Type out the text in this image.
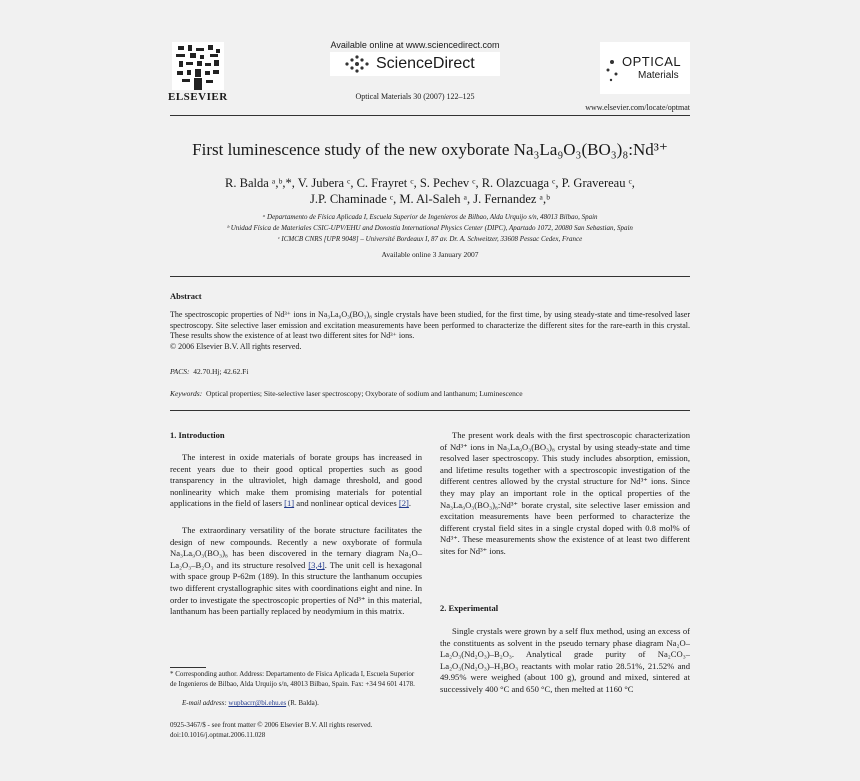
ELSEVIER
Available online at www.sciencedirect.com
ScienceDirect
Optical Materials 30 (2007) 122–125
OPTICAL
Materials
www.elsevier.com/locate/optmat
First luminescence study of the new oxyborate Na₃La₉O₃(BO₃)₈:Nd³⁺
R. Balda ᵃ,ᵇ,*, V. Jubera ᶜ, C. Frayret ᶜ, S. Pechev ᶜ, R. Olazcuaga ᶜ, P. Gravereau ᶜ,
J.P. Chaminade ᶜ, M. Al-Saleh ᵃ, J. Fernandez ᵃ,ᵇ
ᵃ Departamento de Física Aplicada I, Escuela Superior de Ingenieros de Bilbao, Alda Urquijo s/n, 48013 Bilbao, Spain
ᵇ Unidad Física de Materiales CSIC-UPV/EHU and Donostia International Physics Center (DIPC), Apartado 1072, 20080 San Sebastian, Spain
ᶜ ICMCB CNRS [UPR 9048] – Université Bordeaux I, 87 av. Dr. A. Schweitzer, 33608 Pessac Cedex, France
Available online 3 January 2007
Abstract
The spectroscopic properties of Nd³⁺ ions in Na₃La₉O₃(BO₃)₈ single crystals have been studied, for the first time, by using steady-state and time-resolved laser spectroscopy. Site selective laser emission and excitation measurements have been performed to characterize the different sites for the rare-earth in this crystal. These results show the existence of at least two different sites for Nd³⁺ ions.
© 2006 Elsevier B.V. All rights reserved.
PACS: 42.70.Hj; 42.62.Fi
Keywords: Optical properties; Site-selective laser spectroscopy; Oxyborate of sodium and lanthanum; Luminescence
1. Introduction
The interest in oxide materials of borate groups has increased in recent years due to their good optical properties such as good transparency in the ultraviolet, high damage threshold, and good nonlinearity which make them promising materials for potential applications in the field of lasers [1] and nonlinear optical devices [2].
The extraordinary versatility of the borate structure facilitates the design of new compounds. Recently a new oxyborate of formula Na₃La₉O₃(BO₃)₈ has been discovered in the ternary diagram Na₂O–La₂O₃–B₂O₃ and its structure resolved [3,4]. The unit cell is hexagonal with space group P-62m (189). In this structure the lanthanum occupies two different crystallographic sites with coordinations eight and nine. In order to investigate the spectroscopic properties of Nd³⁺ in this material, lanthanum has been partially replaced by neodymium in this matrix.
* Corresponding author. Address: Departamento de Física Aplicada I, Escuela Superior de Ingenieros de Bilbao, Alda Urquijo s/n, 48013 Bilbao, Spain. Fax: +34 94 601 4178.
E-mail address: wupbacrr@bi.ehu.es (R. Balda).
0925-3467/$ - see front matter © 2006 Elsevier B.V. All rights reserved.
doi:10.1016/j.optmat.2006.11.028
The present work deals with the first spectroscopic characterization of Nd³⁺ ions in Na₃La₉O₃(BO₃)₈ crystal by using steady-state and time resolved laser spectroscopy. This study includes absorption, emission, and lifetime results together with a spectroscopic investigation of the different centres allowed by the crystal structure for Nd³⁺ ions. Since they may play an important role in the optical properties of the Na₃La₉O₃(BO₃)₈:Nd³⁺ borate crystal, site selective laser emission and excitation measurements have been performed to characterize the different crystal field sites in a single crystal doped with 0.8 mol% of Nd³⁺. These measurements show the existence of at least two different sites for Nd³⁺ ions.
2. Experimental
Single crystals were grown by a self flux method, using an excess of the constituents as solvent in the pseudo ternary phase diagram Na₂O–La₂O₃(Nd₂O₃)–B₂O₃. Analytical grade purity of Na₂CO₃–La₂O₃(Nd₂O₃)–H₃BO₃ reactants with molar ratio 28.51%, 21.52% and 49.95% were weighed (about 100 g), ground and mixed, sintered at successively 400 °C and 650 °C, then melted at 1160 °C
